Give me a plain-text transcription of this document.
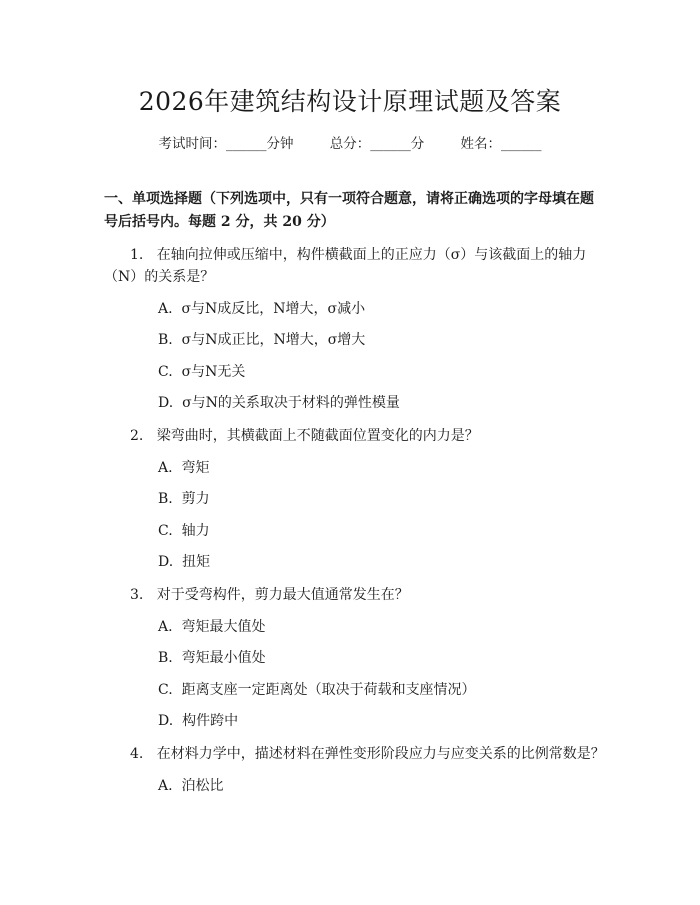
2026年建筑结构设计原理试题及答案
考试时间：______分钟	总分：______分	姓名：______
一、单项选择题（下列选项中，只有一项符合题意，请将正确选项的字母填在题
号后括号内。每题 2 分，共 20 分）
1.   在轴向拉伸或压缩中，构件横截面上的正应力（σ）与该截面上的轴力
（N）的关系是？
A.  σ与N成反比，N增大，σ减小
B.  σ与N成正比，N增大，σ增大
C.  σ与N无关
D.  σ与N的关系取决于材料的弹性模量
2.   梁弯曲时，其横截面上不随截面位置变化的内力是？
A.  弯矩
B.  剪力
C.  轴力
D.  扭矩
3.   对于受弯构件，剪力最大值通常发生在？
A.  弯矩最大值处
B.  弯矩最小值处
C.  距离支座一定距离处（取决于荷载和支座情况）
D.  构件跨中
4.   在材料力学中，描述材料在弹性变形阶段应力与应变关系的比例常数是？
A.  泊松比
